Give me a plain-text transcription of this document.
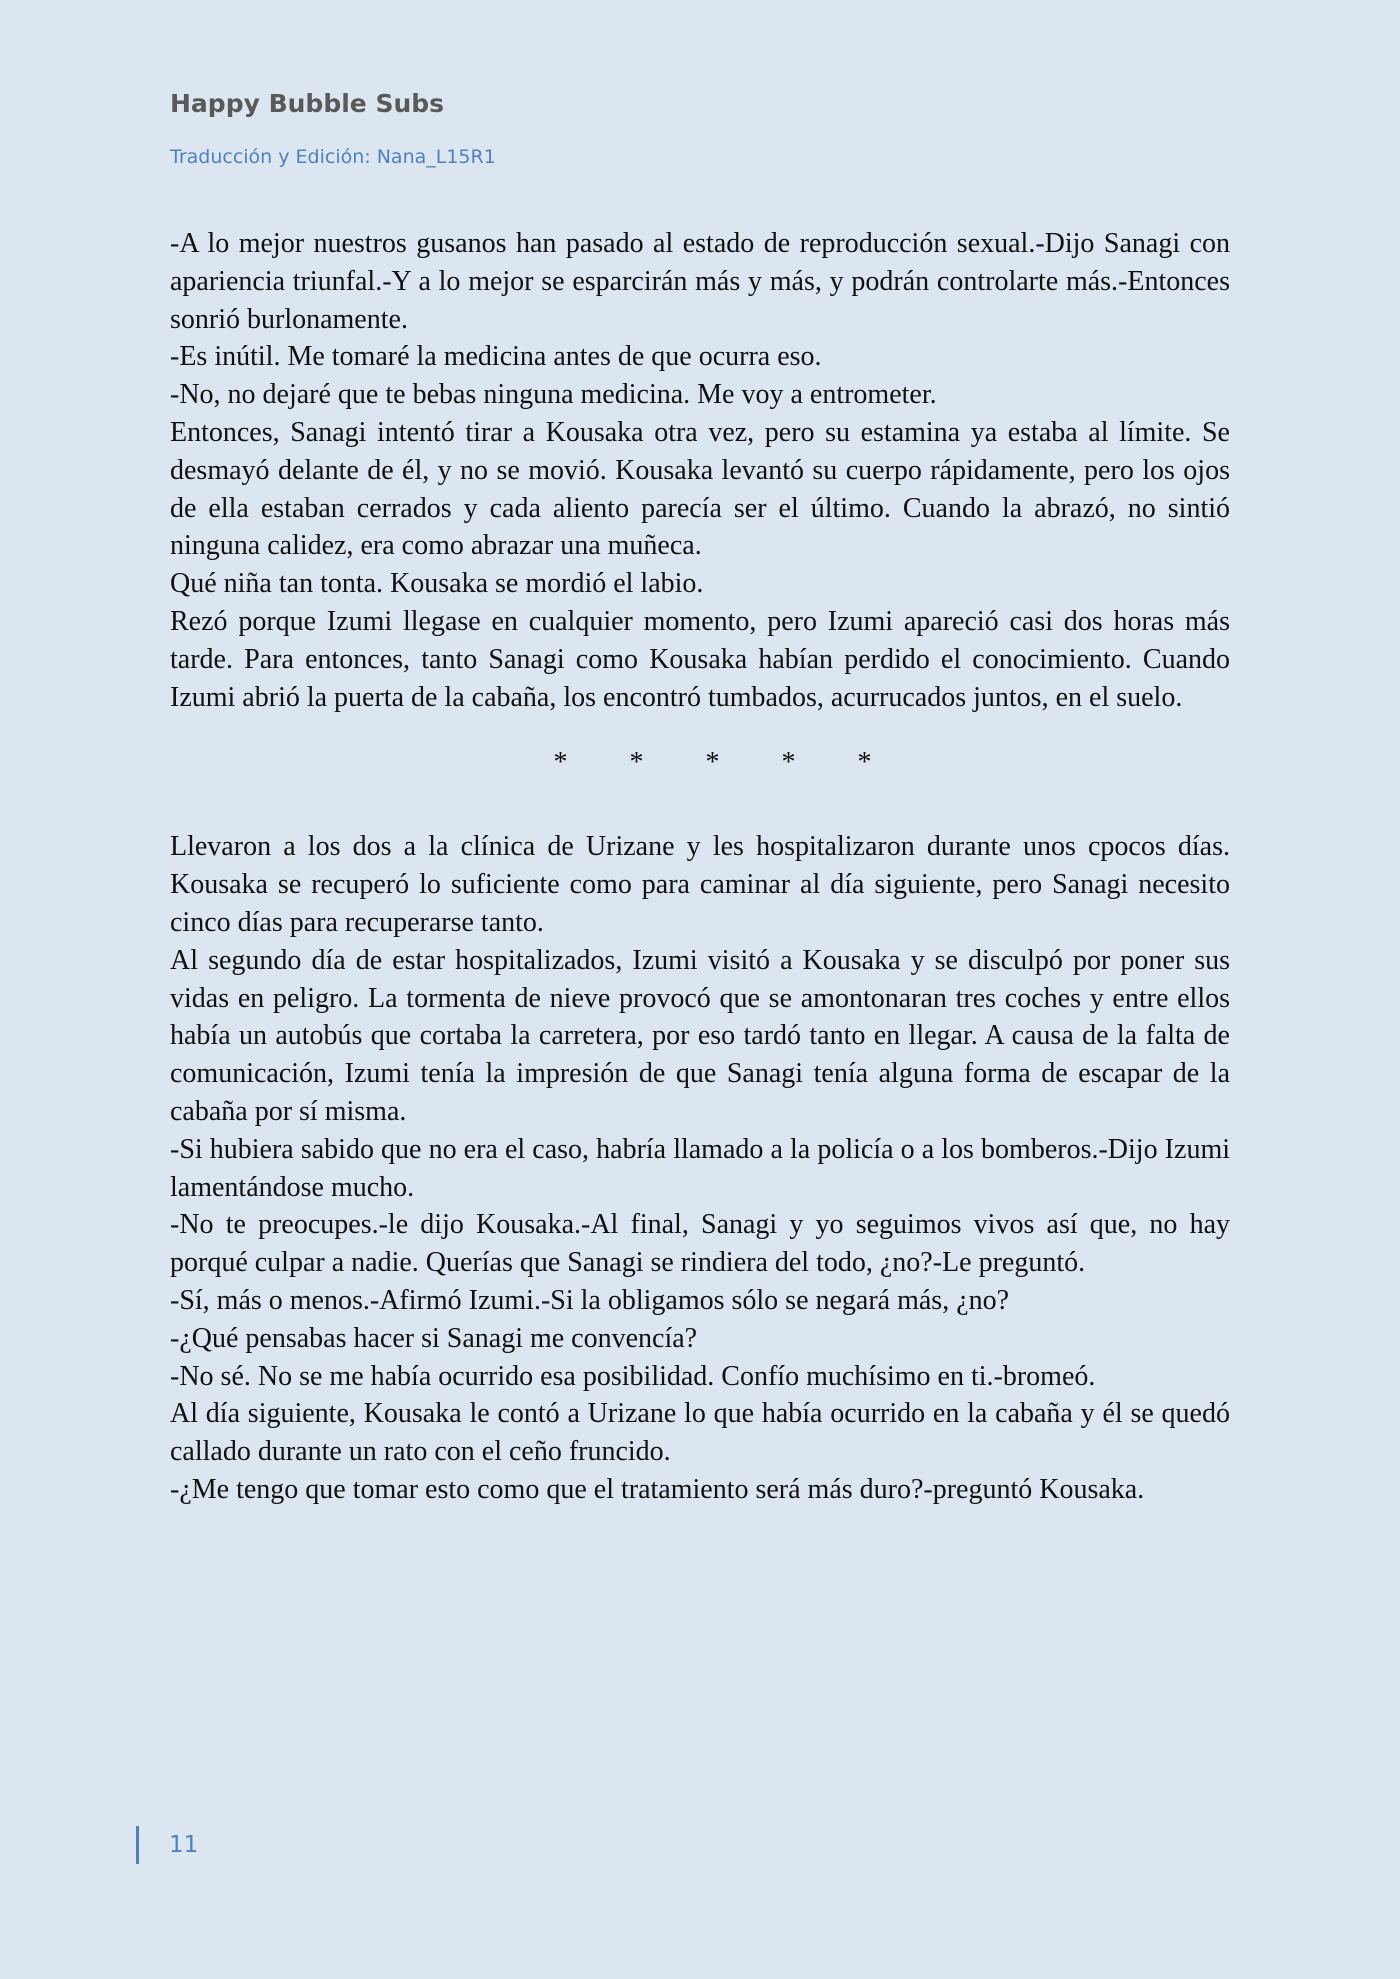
Happy Bubble Subs

Traducción y Edición: Nana_L15R1

-A lo mejor nuestros gusanos han pasado al estado de reproducción sexual.-Dijo Sanagi con apariencia triunfal.-Y a lo mejor se esparcirán más y más, y podrán controlarte más.-Entonces sonrió burlonamente.

-Es inútil. Me tomaré la medicina antes de que ocurra eso.

-No, no dejaré que te bebas ninguna medicina. Me voy a entrometer.

Entonces, Sanagi intentó tirar a Kousaka otra vez, pero su estamina ya estaba al límite. Se desmayó delante de él, y no se movió. Kousaka levantó su cuerpo rápidamente, pero los ojos de ella estaban cerrados y cada aliento parecía ser el último. Cuando la abrazó, no sintió ninguna calidez, era como abrazar una muñeca.

Qué niña tan tonta. Kousaka se mordió el labio.

Rezó porque Izumi llegase en cualquier momento, pero Izumi apareció casi dos horas más tarde. Para entonces, tanto Sanagi como Kousaka habían perdido el conocimiento. Cuando Izumi abrió la puerta de la cabaña, los encontró tumbados, acurrucados juntos, en el suelo.

* * * * *

Llevaron a los dos a la clínica de Urizane y les hospitalizaron durante unos cpocos días. Kousaka se recuperó lo suficiente como para caminar al día siguiente, pero Sanagi necesito cinco días para recuperarse tanto.

Al segundo día de estar hospitalizados, Izumi visitó a Kousaka y se disculpó por poner sus vidas en peligro. La tormenta de nieve provocó que se amontonaran tres coches y entre ellos había un autobús que cortaba la carretera, por eso tardó tanto en llegar. A causa de la falta de comunicación, Izumi tenía la impresión de que Sanagi tenía alguna forma de escapar de la cabaña por sí misma.

-Si hubiera sabido que no era el caso, habría llamado a la policía o a los bomberos.-Dijo Izumi lamentándose mucho.

-No te preocupes.-le dijo Kousaka.-Al final, Sanagi y yo seguimos vivos así que, no hay porqué culpar a nadie. Querías que Sanagi se rindiera del todo, ¿no?-Le preguntó.

-Sí, más o menos.-Afirmó Izumi.-Si la obligamos sólo se negará más, ¿no?

-¿Qué pensabas hacer si Sanagi me convencía?

-No sé. No se me había ocurrido esa posibilidad. Confío muchísimo en ti.-bromeó.

Al día siguiente, Kousaka le contó a Urizane lo que había ocurrido en la cabaña y él se quedó callado durante un rato con el ceño fruncido.

-¿Me tengo que tomar esto como que el tratamiento será más duro?-preguntó Kousaka.

11
